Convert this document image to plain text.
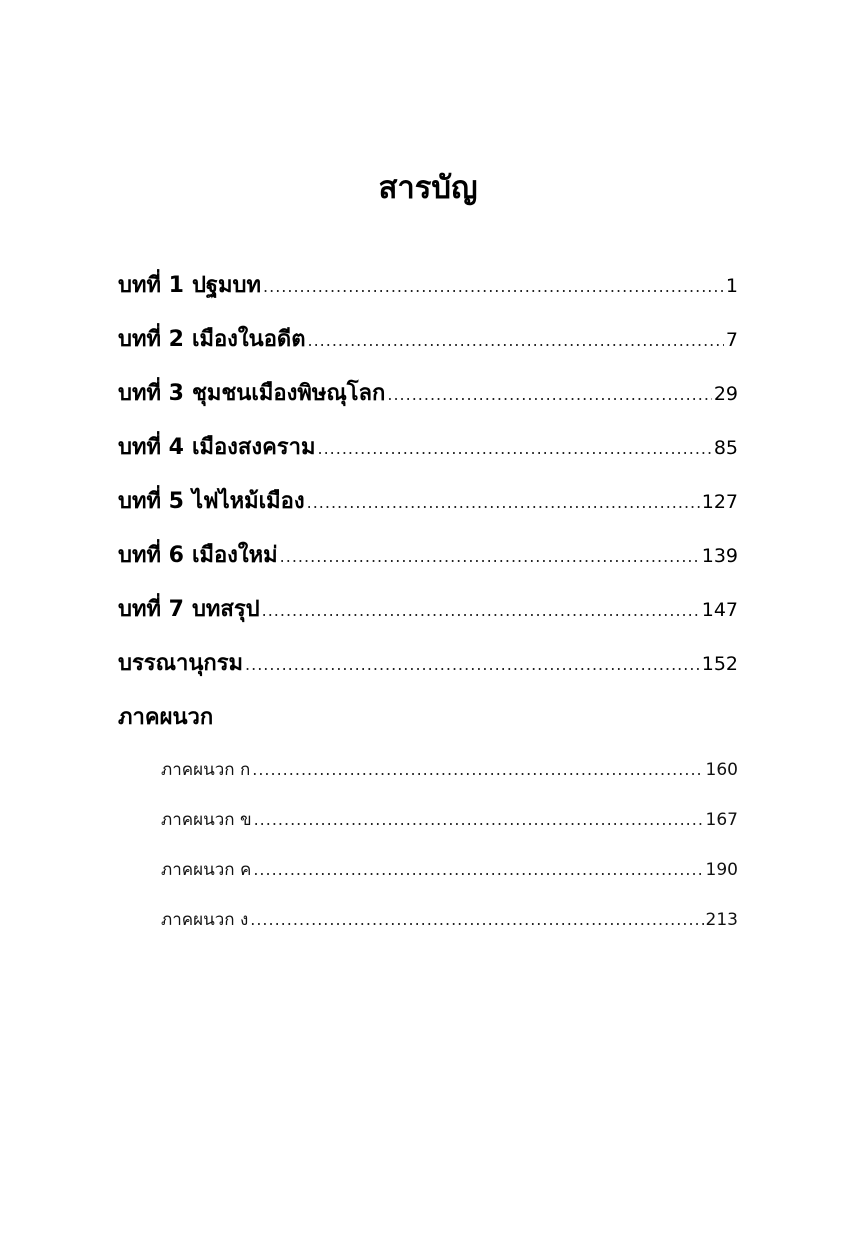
สารบัญ
บทที่ 1 ปฐมบท .....	1
บทที่ 2 เมืองในอดีต .....	7
บทที่ 3 ชุมชนเมืองพิษณุโลก .....	29
บทที่ 4 เมืองสงคราม .....	85
บทที่ 5 ไฟไหม้เมือง .....	127
บทที่ 6 เมืองใหม่ .....	139
บทที่ 7 บทสรุป .....	147
บรรณานุกรม .....	152
ภาคผนวก
ภาคผนวก ก .....	160
ภาคผนวก ข .....	167
ภาคผนวก ค .....	190
ภาคผนวก ง .....	213
